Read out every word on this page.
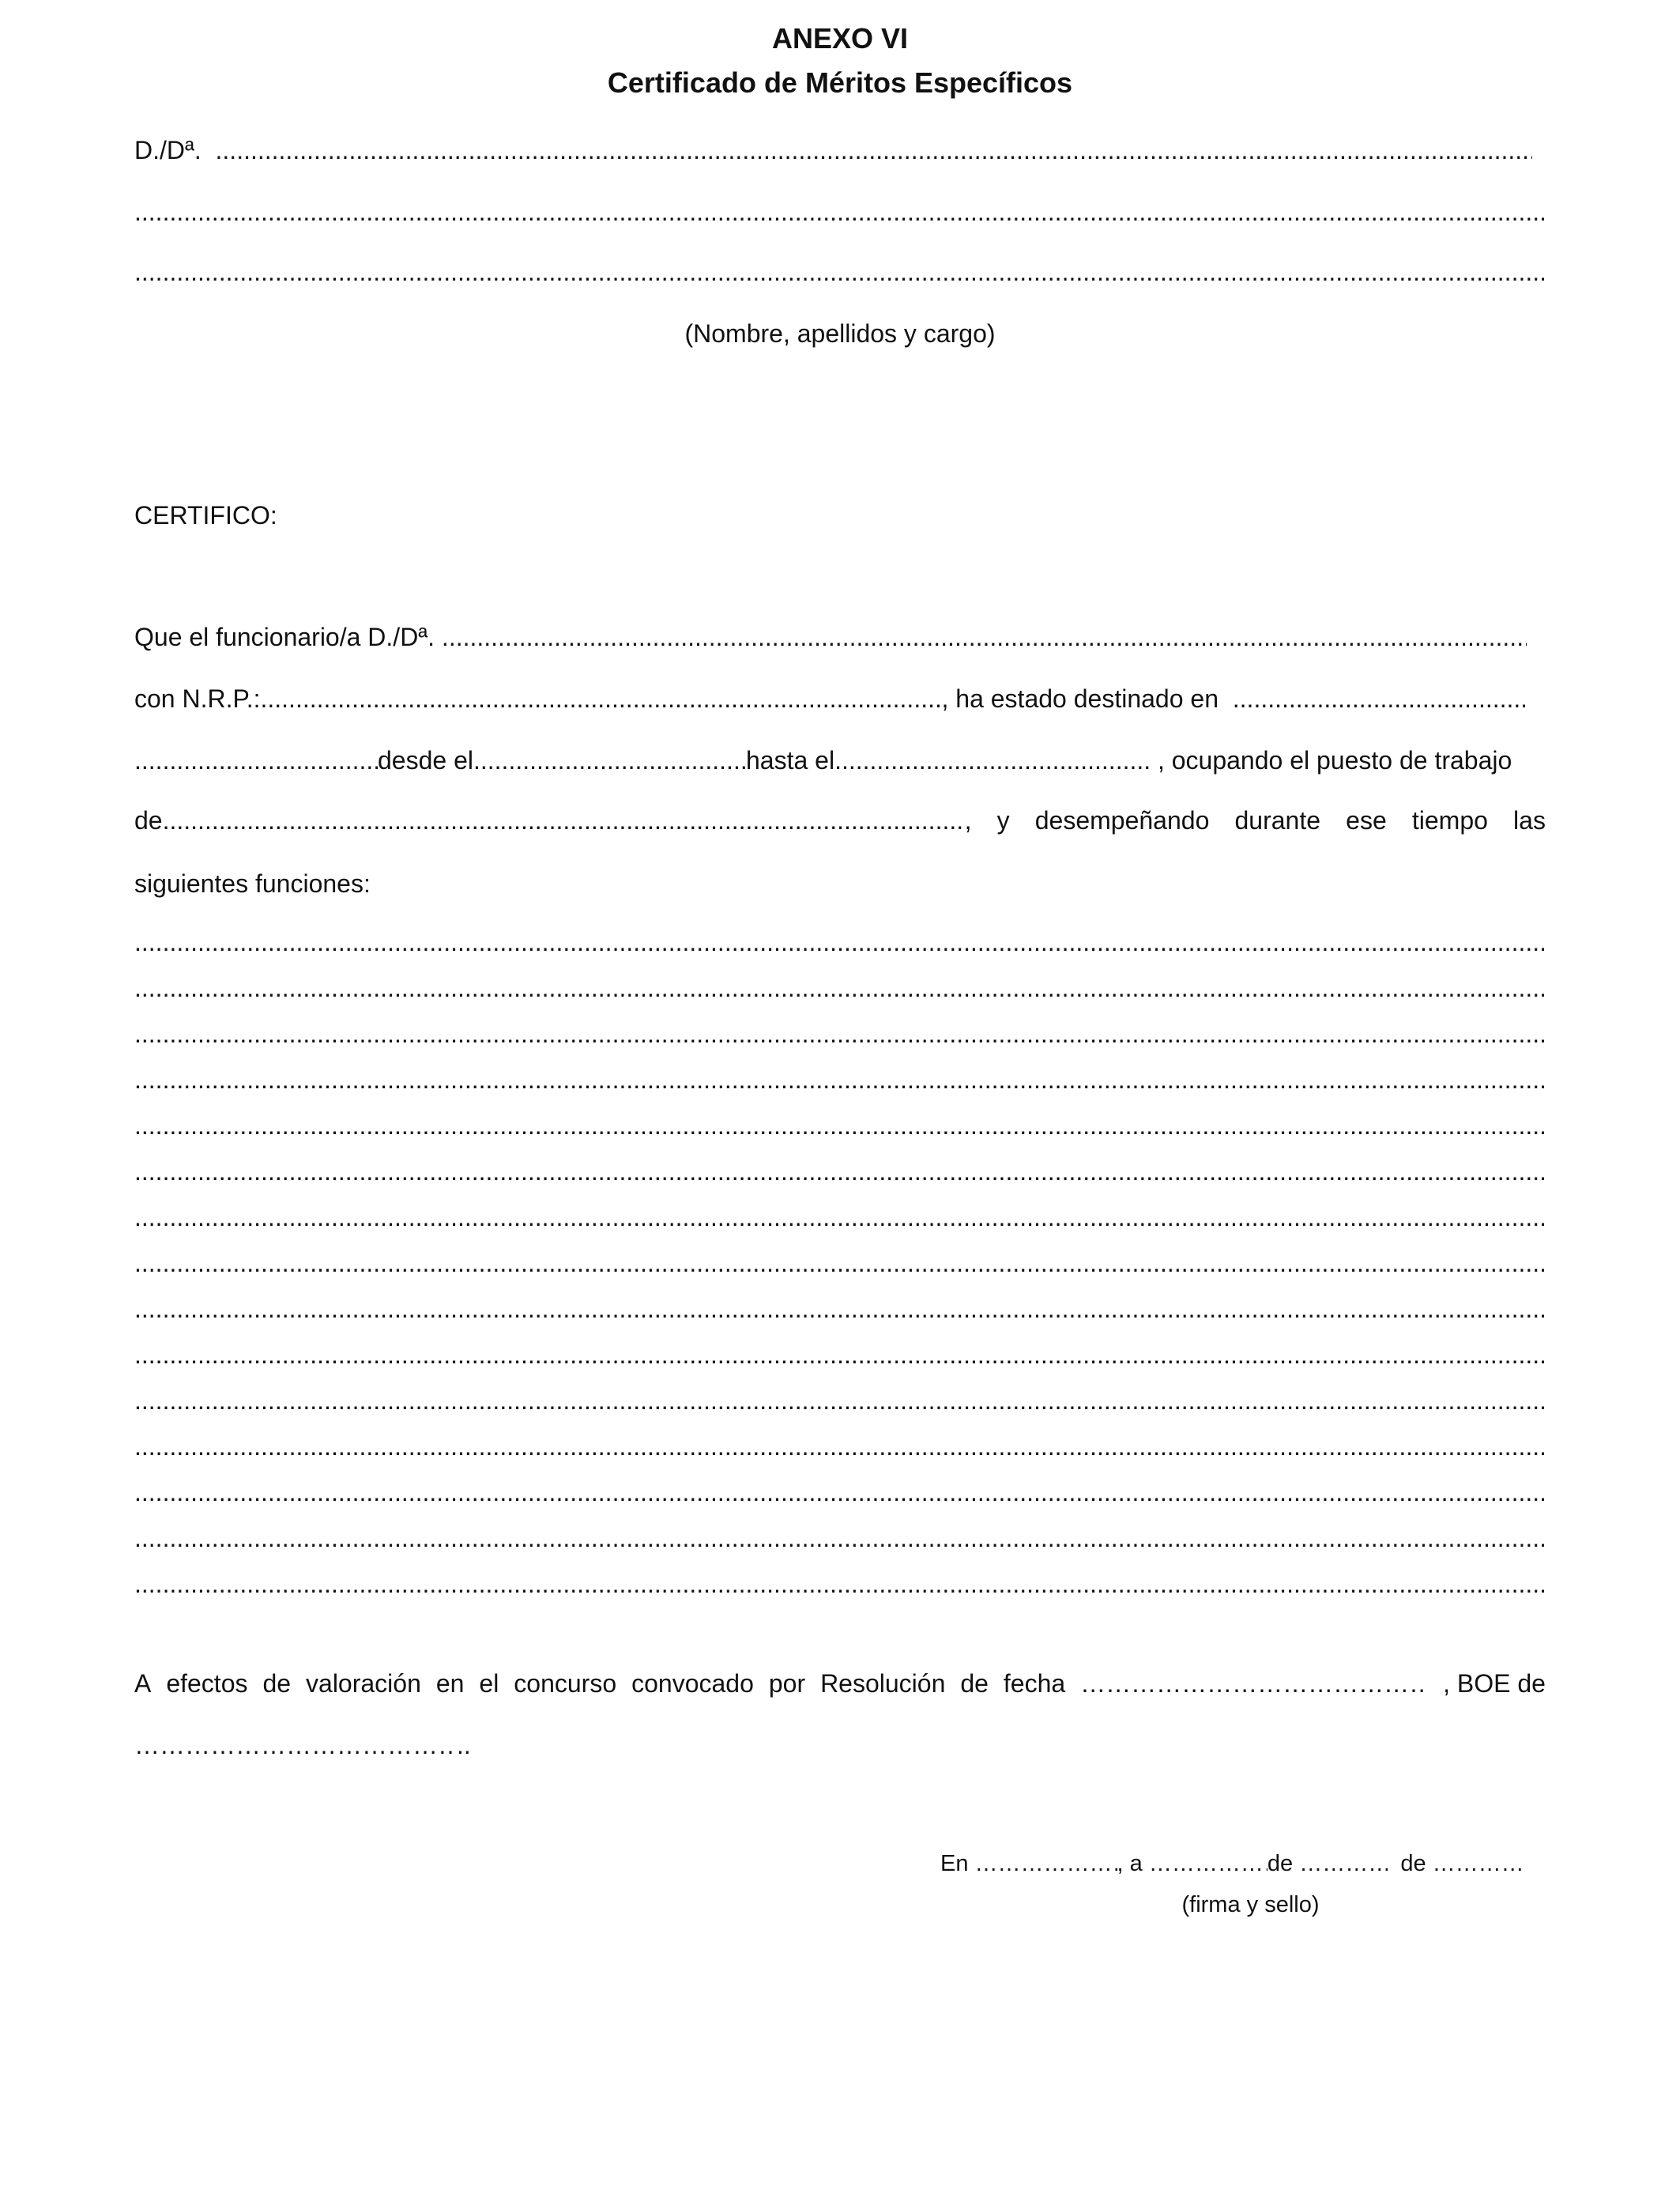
ANEXO VI
Certificado de Méritos Específicos
D./Dª.  .....
.....
.....
(Nombre, apellidos y cargo)
CERTIFICO:
Que el funcionario/a D./Dª. .....
con N.R.P.: .....	, ha estado destinado en  .....
.....desde el .....	hasta el .....	, ocupando el puesto de trabajo
de .....	, y desempeñando durante ese tiempo las
siguientes funciones:
.....
.....
.....
.....
.....
.....
.....
.....
.....
.....
.....
.....
.....
.....
.....
A efectos de valoración en el concurso convocado por Resolución de fecha …………………………………………………………………………………………………………………………………………………………	, BOE de
…………………………………………………………………………………………………………………………………………………………..
En …………………………………………………………………………………………………………………………………………………………	, a …………………………………………………………………………………………………………………………………………………………	de …………………………………………………………………………………………………………………………………………………………	de …………………………………………………………………………………………………………………………………………………………
(firma y sello)
